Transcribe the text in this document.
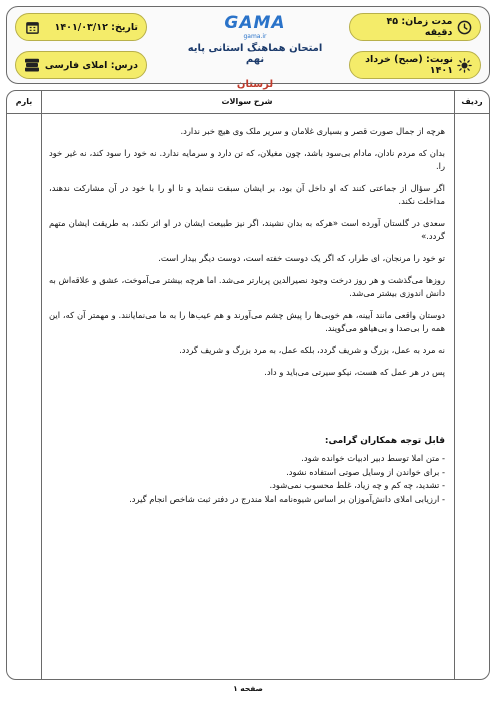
مدت زمان: ۴۵ دقیقه
تاریخ: ۱۴۰۱/۰۳/۱۲
نوبت: (صبح) خرداد ۱۴۰۱
درس: املای فارسی
GAMA
gama.ir
امتحان هماهنگ استانی پایه نهم
لرستان
ردیف
شرح سوالات
بارم

هرچه از جمال صورت قصر و بسیاری غلامان و سریر ملک وی هیچ خبر ندارد.

بدان که مردم نادان، مادام بی‌سود باشد، چون مغیلان، که تن دارد و سرمایه ندارد. نه خود را سود کند، نه غیر خود را.

اگر سؤال از جماعتی کنند که او داخل آن بود، بر ایشان سبقت ننماید و تا او را با خود در آن مشارکت ندهند، مداخلت نکند.

سعدی در گلستان آورده است «هرکه به بدان نشیند، اگر نیز طبیعت ایشان در او اثر نکند، به طریقت ایشان متهم گردد.»

تو خود را مرنجان، ای طرار، که اگر یک دوست خفته است، دوست دیگر بیدار است.

روزها می‌گذشت و هر روز درخت وجود نصیرالدین پربارتر می‌شد. اما هرچه بیشتر می‌آموخت، عشق و علاقه‌اش به دانش اندوزی بیشتر می‌شد.

دوستان واقعی مانند آیینه، هم خوبی‌ها را پیش چشم می‌آورند و هم عیب‌ها را به ما می‌نمایانند. و مهمتر آن که، این همه را بی‌صدا و بی‌هیاهو می‌گویند.

نه مرد به عمل، بزرگ و شریف گردد، بلکه عمل، به مرد بزرگ و شریف گردد.

پس در هر عمل که هست، نیکو سیرتی می‌باید و داد.

قابل توجه همکاران گرامی:

- متن املا توسط دبیر ادبیات خوانده شود.

- برای خواندن از وسایل صوتی استفاده نشود.

- تشدید، چه کم و چه زیاد، غلط محسوب نمی‌شود.

- ارزیابی املای دانش‌آموزان بر اساس شیوه‌نامه املا مندرج در دفتر ثبت شاخص انجام گیرد.

صفحه ۱
